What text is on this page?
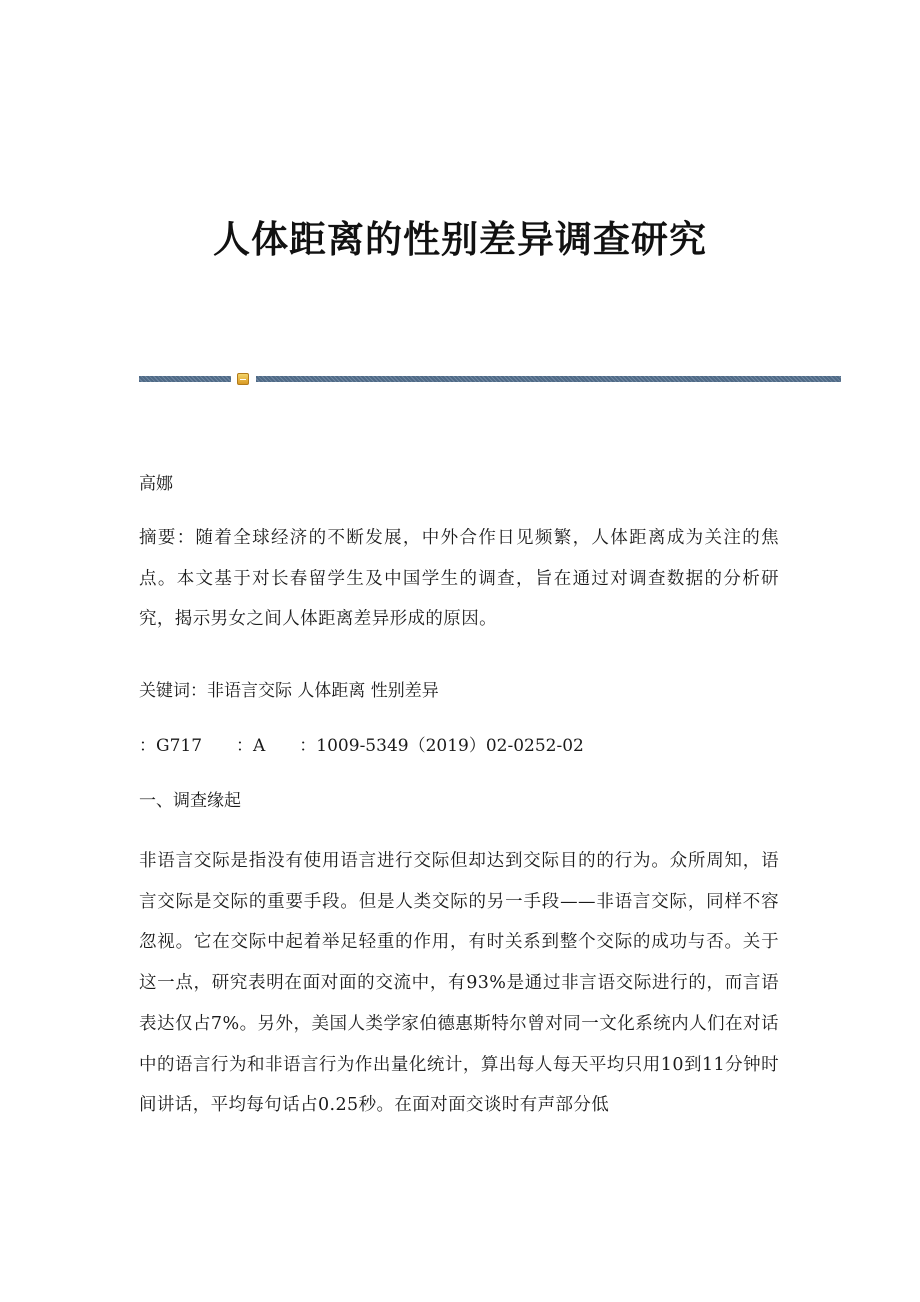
人体距离的性别差异调查研究

高娜

摘要：随着全球经济的不断发展，中外合作日见频繁，人体距离成为关注的焦点。本文基于对长春留学生及中国学生的调查，旨在通过对调查数据的分析研究，揭示男女之间人体距离差异形成的原因。

关键词：非语言交际 人体距离 性别差异

：G717　　：A　　：1009-5349（2019）02-0252-02

一、调查缘起

非语言交际是指没有使用语言进行交际但却达到交际目的的行为。众所周知，语言交际是交际的重要手段。但是人类交际的另一手段——非语言交际，同样不容忽视。它在交际中起着举足轻重的作用，有时关系到整个交际的成功与否。关于这一点，研究表明在面对面的交流中，有93%是通过非言语交际进行的，而言语表达仅占7%。另外，美国人类学家伯德惠斯特尔曾对同一文化系统内人们在对话中的语言行为和非语言行为作出量化统计，算出每人每天平均只用10到11分钟时间讲话，平均每句话占0.25秒。在面对面交谈时有声部分低
